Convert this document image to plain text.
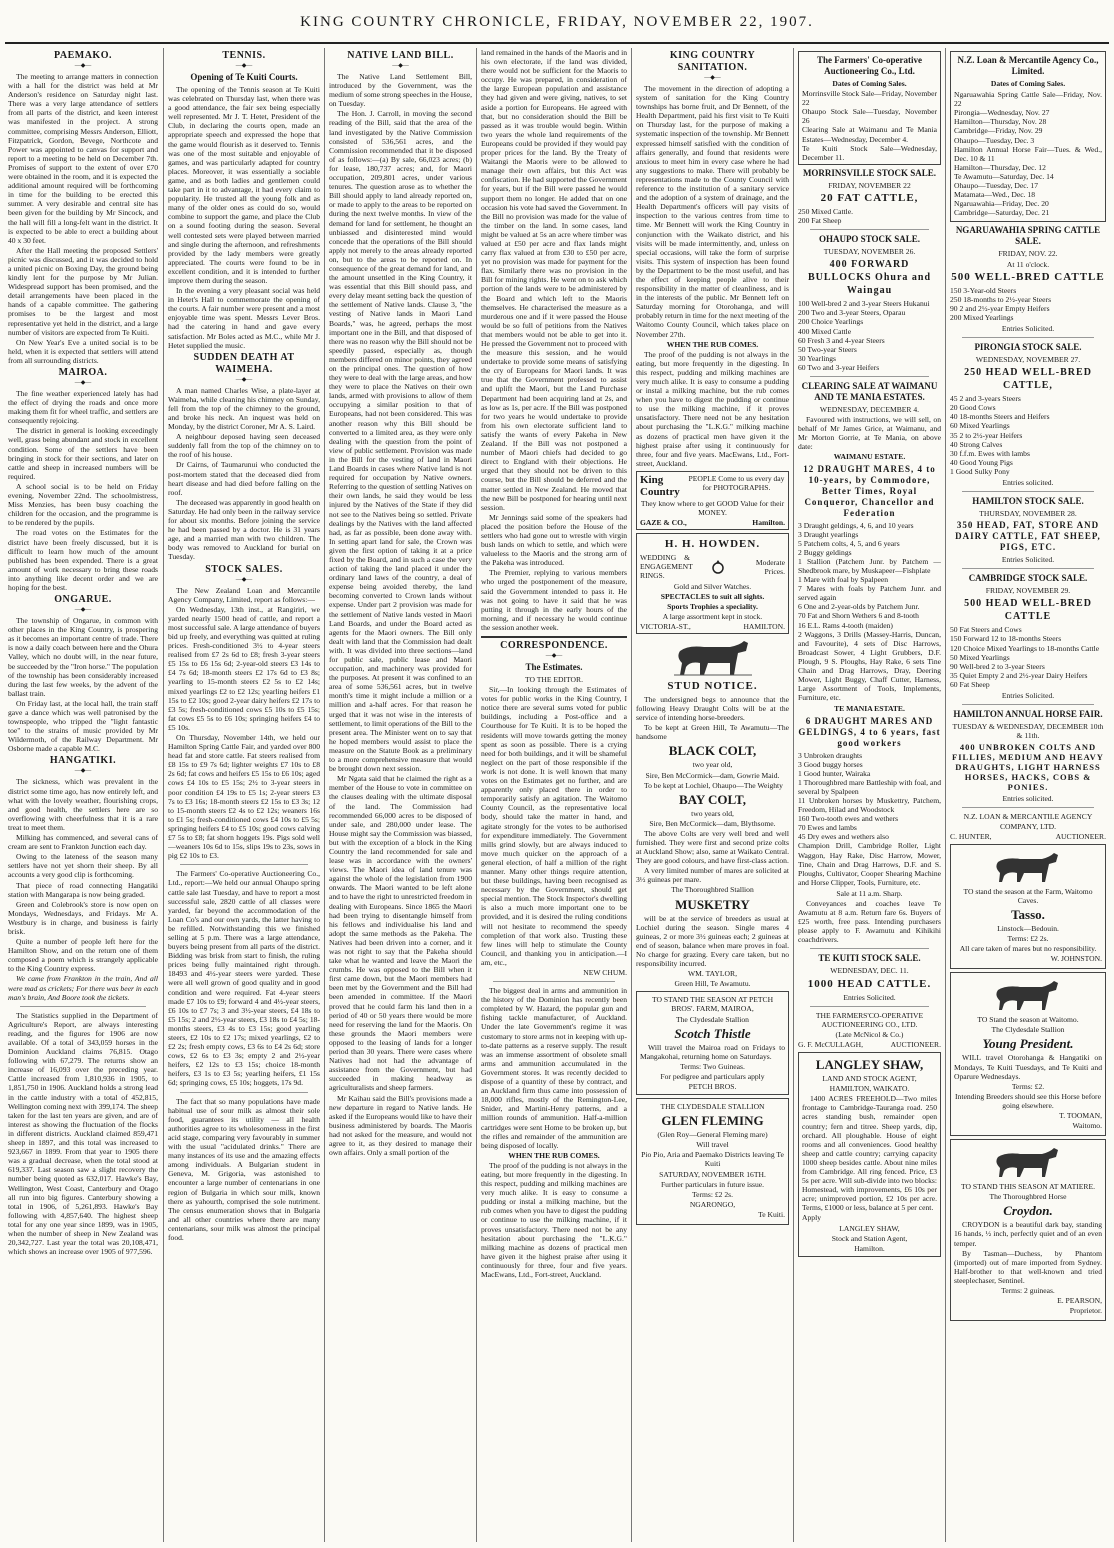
KING COUNTRY CHRONICLE, FRIDAY, NOVEMBER 22, 1907.
PAEMAKO.
—◆—

The meeting to arrange matters in connection with a hall for the district was held at Mr Anderson's residence on Saturday night last. There was a very large attendance of settlers from all parts of the district, and keen interest was manifested in the project. A strong committee, comprising Messrs Anderson, Elliott, Fitzpatrick, Gordon, Bevege, Northcote and Power was appointed to canvas for support and report to a meeting to be held on December 7th. Promises of support to the extent of over £70 were obtained in the room, and it is expected the additional amount required will be forthcoming in time for the building to be erected this summer. A very desirable and central site has been given for the building by Mr Sincock, and the hall will fill a long-felt want in the district. It is expected to be able to erect a building about 40 x 30 feet.

After the Hall meeting the proposed Settlers' picnic was discussed, and it was decided to hold a united picnic on Boxing Day, the ground being kindly lent for the purpose by Mr Julian. Widespread support has been promised, and the detail arrangements have been placed in the hands of a capable committee. The gathering promises to be the largest and most representative yet held in the district, and a large number of visitors are expected from Te Kuiti.

On New Year's Eve a united social is to be held, when it is expected that settlers will attend from all surrounding districts.

MAIROA.
—◆—

The fine weather experienced lately has had the effect of drying the roads and once more making them fit for wheel traffic, and settlers are consequently rejoicing.

The district in general is looking exceedingly well, grass being abundant and stock in excellent condition. Some of the settlers have been bringing in stock for their sections, and later on cattle and sheep in increased numbers will be required.

A school social is to be held on Friday evening, November 22nd. The schoolmistress, Miss Menzies, has been busy coaching the children for the occasion, and the programme is to be rendered by the pupils.

The road votes on the Estimates for the district have been freely discussed, but it is difficult to learn how much of the amount published has been expended. There is a great amount of work necessary to bring these roads into anything like decent order and we are hoping for the best.

ONGARUE.
—◆—

The township of Ongarue, in common with other places in the King Country, is prospering as it becomes an important centre of trade. There is now a daily coach between here and the Ohura Valley, which no doubt will, in the near future, be succeeded by the "Iron horse." The population of the township has been considerably increased during the last few weeks, by the advent of the ballast train.

On Friday last, at the local hall, the train staff gave a dance which was well patronised by the townspeople, who tripped the "light fantastic toe" to the strains of music provided by Mr Wildermoth, of the Railway Department. Mr Osborne made a capable M.C.

HANGATIKI.
—◆—

The sickness, which was prevalent in the district some time ago, has now entirely left, and what with the lovely weather, flourishing crops, and good health, the settlers here are so overflowing with cheerfulness that it is a rare treat to meet them.

Milking has commenced, and several cans of cream are sent to Frankton Junction each day.

Owing to the lateness of the season many settlers have not yet shorn their sheep. By all accounts a very good clip is forthcoming.

That piece of road connecting Hangatiki station with Mangarapa is now being graded.

Green and Colebrook's store is now open on Mondays, Wednesdays, and Fridays. Mr A. Westbury is in charge, and business is fairly brisk.

Quite a number of people left here for the Hamilton Show, and on the return one of them composed a poem which is strangely applicable to the King Country express.

We came from Frankton in the train, And all were mad as crickets; For there was beer in each man's brain, And Boore took the tickets.

The Statistics supplied in the Department of Agriculture's Report, are always interesting reading, and the figures for 1906 are now available. Of a total of 343,059 horses in the Dominion Auckland claims 76,815. Otago following with 67,279. The returns show an increase of 16,093 over the preceding year. Cattle increased from 1,810,936 in 1905, to 1,851,750 in 1906. Auckland holds a strong lead in the cattle industry with a total of 452,815, Wellington coming next with 399,174. The sheep taken for the last ten years are given, and are of interest as showing the fluctuation of the flocks in different districts. Auckland claimed 859,471 sheep in 1897, and this total was increased to 923,667 in 1899. From that year to 1905 there was a gradual decrease, when the total stood at 619,337. Last season saw a slight recovery the number being quoted as 632,017. Hawke's Bay, Wellington, West Coast, Canterbury and Otago all run into big figures. Canterbury showing a total in 1906, of 5,261,893. Hawke's Bay following with 4,857,640. The highest sheep total for any one year since 1899, was in 1905, when the number of sheep in New Zealand was 20,342,727. Last year the total was 20,108,471, which shows an increase over 1905 of 977,596.

TENNIS.
—◆—
Opening of Te Kuiti Courts.

The opening of the Tennis season at Te Kuiti was celebrated on Thursday last, when there was a good attendance, the fair sex being especially well represented. Mr J. T. Hetet, President of the Club, in declaring the courts open, made an appropriate speech and expressed the hope that the game would flourish as it deserved to. Tennis was one of the most suitable and enjoyable of games, and was particularly adapted for country places. Moreover, it was essentially a sociable game, and as both ladies and gentlemen could take part in it to advantage, it had every claim to popularity. He trusted all the young folk and as many of the older ones as could do so, would combine to support the game, and place the Club on a sound footing during the season. Several well contested sets were played between married and single during the afternoon, and refreshments provided by the lady members were greatly appreciated. The courts were found to be in excellent condition, and it is intended to further improve them during the season.

In the evening a very pleasant social was held in Hetet's Hall to commemorate the opening of the courts. A fair number were present and a most enjoyable time was spent. Messrs Lever Bros. had the catering in hand and gave every satisfaction. Mr Boles acted as M.C., while Mr J. Hetet supplied the music.

SUDDEN DEATH AT WAIMEHA.
—◆—

A man named Charles Wise, a plate-layer at Waimeha, while cleaning his chimney on Sunday, fell from the top of the chimney to the ground, and broke his neck. An inquest was held on Monday, by the district Coroner, Mr A. S. Laird.

A neighbour deposed having seen deceased suddenly fall from the top of the chimney on to the roof of his house.

Dr Cairns, of Taumarunui who conducted the post-mortem stated that the deceased died from heart disease and had died before falling on the roof.

The deceased was apparently in good health on Saturday. He had only been in the railway service for about six months. Before joining the service he had been passed by a doctor. He is 31 years age, and a married man with two children. The body was removed to Auckland for burial on Tuesday.

STOCK SALES.
—◆—

The New Zealand Loan and Mercantile Agency Company, Limited, report as follows:—

On Wednesday, 13th inst., at Rangiriri, we yarded nearly 1500 head of cattle, and report a most successful sale. A large attendance of buyers bid up freely, and everything was quitted at ruling prices. Fresh-conditioned 3½ to 4-year steers realised from £7 2s 6d to £8; fresh 3-year steers £5 15s to £6 15s 6d; 2-year-old steers £3 14s to £4 7s 6d; 18-month steers £2 17s 6d to £3 8s; yearling to 15-month steers £2 5s to £2 14s; mixed yearlings £2 to £2 12s; yearling heifers £1 15s to £2 10s; good 2-year dairy heifers £2 17s to £3 5s; fresh-conditioned cows £5 10s to £5 15s; fat cows £5 5s to £6 10s; springing heifers £4 to £5 10s.

On Thursday, November 14th, we held our Hamilton Spring Cattle Fair, and yarded over 800 head fat and store cattle. Fat steers realised from £8 15s to £9 7s 6d; lighter weights £7 10s to £8 2s 6d; fat cows and heifers £5 15s to £6 10s; aged cows £4 10s to £5 15s; 2½ to 3-year steers in poor condition £4 19s to £5 1s; 2-year steers £3 7s to £3 16s; 18-month steers £2 15s to £3 3s; 12 to 15-month steers £2 4s to £2 12s; weaners 16s to £1 5s; fresh-conditioned cows £4 10s to £5 5s; springing heifers £4 to £5 10s; good cows calving £7 5s to £8; fat shorn hoggets 19s. Pigs sold well—weaners 10s 6d to 15s, slips 19s to 23s, sows in pig £2 10s to £3.

The Farmers' Co-operative Auctioneering Co., Ltd., report:—We held our annual Ohaupo spring cattle sale last Tuesday, and have to report a most successful sale, 2820 cattle of all classes were yarded, far beyond the accommodation of the Loan Co's and our own yards, the latter having to be refilled. Notwithstanding this we finished selling at 5 p.m. There was a large attendance, buyers being present from all parts of the district. Bidding was brisk from start to finish, the ruling prices being fully maintained right through. 18493 and 4½-year steers were yarded. These were all well grown of good quality and in good condition and were required. Fat 4-year steers made £7 10s to £9; forward 4 and 4½-year steers, £6 10s to £7 7s; 3 and 3½-year steers, £4 18s to £5 15s; 2 and 2½-year steers, £3 18s to £4 5s; 18-months steers, £3 4s to £3 15s; good yearling steers, £2 10s to £2 17s; mixed yearlings, £2 to £2 2s; fresh empty cows, £3 6s to £4 2s 6d; store cows, £2 6s to £3 3s; empty 2 and 2½-year heifers, £2 12s to £3 15s; choice 18-month heifers, £3 1s to £3 5s; yearling heifers, £1 15s 6d; springing cows, £5 10s; hoggets, 17s 9d.

The fact that so many populations have made habitual use of sour milk as almost their sole food, guarantees its utility — all health authorities agree to its wholesomeness in the first acid stage, comparing very favourably in summer with the usual "acidulated drinks." There are many instances of its use and the amazing effects among individuals. A Bulgarian student in Geneva, M. Grigoria, was astonished to encounter a large number of centenarians in one region of Bulgaria in which sour milk, known there as yahourth, comprised the sole nutriment. The census enumeration shows that in Bulgaria and all other countries where there are many centenarians, sour milk was almost the principal food.

NATIVE LAND BILL.
—◆—

The Native Land Settlement Bill, introduced by the Government, was the medium of some strong speeches in the House, on Tuesday.

The Hon. J. Carroll, in moving the second reading of the Bill, said that the area of the land investigated by the Native Commission consisted of 536,561 acres, and the Commission recommended that it be disposed of as follows:—(a) By sale, 66,023 acres; (b) for lease, 180,737 acres; and, for Maori occupation, 209,801 acres, under various tenures. The question arose as to whether the Bill should apply to land already reported on, or made to apply to the areas to be reported on during the next twelve months. In view of the demand for land for settlement, he thought an unbiassed and disinterested mind would concede that the operations of the Bill should apply not merely to the areas already reported on, but to the areas to be reported on. In consequence of the great demand for land, and the amount unsettled in the King Country, it was essential that this Bill should pass, and every delay meant setting back the question of the settlement of Native lands. Clause 3, "the vesting of Native lands in Maori Land Boards," was, he agreed, perhaps the most important one in the Bill, and that disposed of there was no reason why the Bill should not be speedily passed, especially as, though members differed on minor points, they agreed on the principal ones. The question of how they were to deal with the large areas, and how they were to place the Natives on their own lands, armed with provisions to allow of them occupying a similar position to that of Europeans, had not been considered. This was another reason why this Bill should be converted to a limited area, as they were only dealing with the question from the point of view of public settlement. Provision was made in the Bill for the vesting of land in Maori Land Boards in cases where Native land is not required for occupation by Native owners. Referring to the question of settling Natives on their own lands, he said they would be less injured by the Natives of the State if they did not see to the Natives being so settled. Private dealings by the Natives with the land affected had, as far as possible, been done away with. In setting apart land for sale, the Crown was given the first option of taking it at a price fixed by the Board, and in such a case the very action of taking the land placed it under the ordinary land laws of the country, a deal of expense being avoided thereby, the land becoming converted to Crown lands without expense. Under part 2 provision was made for the settlement of Native lands vested in Maori Land Boards, and under the Board acted as agents for the Maori owners. The Bill only dealt with land that the Commission had dealt with. It was divided into three sections—land for public sale, public lease and Maori occupation, and machinery was provided for the purposes. At present it was confined to an area of some 536,561 acres, but in twelve month's time it might include a million or a million and a-half acres. For that reason he urged that it was not wise in the interests of settlement, to limit operations of the Bill to the present area. The Minister went on to say that he hoped members would assist to place the measure on the Statute Book as a preliminary to a more comprehensive measure that would be brought down next session.

Mr Ngata said that he claimed the right as a member of the House to vote in committee on the clauses dealing with the ultimate disposal of the land. The Commission had recommended 66,000 acres to be disposed of under sale, and 280,000 under lease. The House might say the Commission was biassed, but with the exception of a block in the King Country the land recommended for sale and lease was in accordance with the owners' views. The Maori idea of land tenure was against the whole of the legislation from 1900 onwards. The Maori wanted to be left alone and to have the right to unrestricted freedom in dealing with Europeans. Since 1865 the Maori had been trying to disentangle himself from his fellows and individualise his land and adopt the same methods as the Pakeha. The Natives had been driven into a corner, and it was not right to say that the Pakeha should take what he wanted and leave the Maori the crumbs. He was opposed to the Bill when it first came down, but the Maori members had been met by the Government and the Bill had been amended in committee. If the Maori proved that he could farm his land then in a period of 40 or 50 years there would be more need for reserving the land for the Maoris. On these grounds the Maori members were opposed to the leasing of lands for a longer period than 30 years. There were cases where Natives had not had the advantage of assistance from the Government, but had succeeded in making headway as agriculturalists and sheep farmers.

Mr Kaihau said the Bill's provisions made a new departure in regard to Native lands. He asked if the Europeans would like to have their business administered by boards. The Maoris had not asked for the measure, and would not agree to it, as they desired to manage their own affairs. Only a small portion of the

land remained in the hands of the Maoris and in his own electorate, if the land was divided, there would not be sufficient for the Maoris to occupy. He was prepared, in consideration of the large European population and assistance they had given and were giving, natives, to set aside a portion for Europeans. He agreed with that, but no consideration should the Bill be passed as it was trouble would begin. Within two years the whole land requirements of the Europeans could be provided if they would pay proper prices for the land. By the Treaty of Waitangi the Maoris were to be allowed to manage their own affairs, but this Act was confiscation. He had supported the Government for years, but if the Bill were passed he would support them no longer. He added that on one occasion his vote had saved the Government. In the Bill no provision was made for the value of the timber on the land. In some cases, land might be valued at 5s an acre where timber was valued at £50 per acre and flax lands might carry flax valued at from £30 to £50 per acre, yet no provision was made for payment for the flax. Similarly there was no provision in the Bill for mining rights. He went on to ask which portion of the lands were to be administered by the Board and which left to the Maoris themselves. He characterised the measure as a murderous one and if it were passed the House would be so full of petitions from the Natives that members would not be able to get into it. He pressed the Government not to proceed with the measure this session, and he would undertake to provide some means of satisfying the cry of Europeans for Maori lands. It was true that the Government professed to assist and uplift the Maori, but the Land Purchase Department had been acquiring land at 2s, and as low as 1s, per acre. If the Bill was postponed for two years he would undertake to provide from his own electorate sufficient land to satisfy the wants of every Pakeha in New Zealand. If the Bill was not postponed a number of Maori chiefs had decided to go direct to England with their objections. He urged that they should not be driven to this course, but the Bill should be deferred and the matter settled in New Zealand. He moved that the new Bill be postponed for hearing until next session.

Mr Jennings said some of the speakers had placed the position before the House of the settlers who had gone out to wrestle with virgin bush lands on which to settle, and which were valueless to the Maoris and the strong arm of the Pakeha was introduced.

The Premier, replying to various members who urged the postponement of the measure, said the Government intended to pass it. He was not going to have it said that he was putting it through in the early hours of the morning, and if necessary he would continue the session another week.

CORRESPONDENCE.
—◆—
The Estimates.
TO THE EDITOR.

Sir,—In looking through the Estimates of votes for public works in the King Country, I notice there are several sums voted for public buildings, including a Post-office and a Courthouse for Te Kuiti. It is to be hoped the residents will move towards getting the money spent as soon as possible. There is a crying need for both buildings, and it will be shameful neglect on the part of those responsible if the work is not done. It is well known that many votes on the Estimates get no further, and are apparently only placed there in order to temporarily satisfy an agitation. The Waitomo County Council, as the representative local body, should take the matter in hand, and agitate strongly for the votes to be authorised for expenditure immediately. The Government mills grind slowly, but are always induced to move much quicker on the approach of a general election, of half a million of the right manner. Many other things require attention, but these buildings, having been recognised as necessary by the Government, should get special mention. The Stock Inspector's dwelling is also a much more important one to be provided, and it is desired the ruling conditions will not hesitate to recommend the speedy completion of that work also. Trusting these few lines will help to stimulate the County Council, and thanking you in anticipation.—I am, etc.,

NEW CHUM.

The biggest deal in arms and ammunition in the history of the Dominion has recently been completed by W. Hazard, the popular gun and fishing tackle manufacturer, of Auckland. Under the late Government's regime it was customary to store arms not in keeping with up-to-date patterns as a reserve supply. The result was an immense assortment of obsolete small arms and ammunition accumulated in the Government stores. It was recently decided to dispose of a quantity of these by contract, and an Auckland firm thus came into possession of 18,000 rifles, mostly of the Remington-Lee, Snider, and Martini-Henry patterns, and a million rounds of ammunition. Half-a-million cartridges were sent Home to be broken up, but the rifles and remainder of the ammunition are being disposed of locally.

WHEN THE RUB COMES.

The proof of the pudding is not always in the eating, but more frequently in the digesting. In this respect, pudding and milking machines are very much alike. It is easy to consume a pudding or instal a milking machine, but the rub comes when you have to digest the pudding or continue to use the milking machine, if it proves unsatisfactory. There need not be any hesitation about purchasing the "L.K.G." milking machine as dozens of practical men have given it the highest praise after using it continuously for three, four and five years. MacEwans, Ltd., Fort-street, Auckland.

KING COUNTRY SANITATION.
—◆—

The movement in the direction of adopting a system of sanitation for the King Country townships has borne fruit, and Dr Bennett, of the Health Department, paid his first visit to Te Kuiti on Thursday last, for the purpose of making a systematic inspection of the township. Mr Bennett expressed himself satisfied with the condition of affairs generally, and found that residents were anxious to meet him in every case where he had any suggestions to make. There will probably be representations made to the County Council with reference to the institution of a sanitary service and the adoption of a system of drainage, and the Health Department's officers will pay visits of inspection to the various centres from time to time. Mr Bennett will work the King Country in conjunction with the Waikato district, and his visits will be made intermittently, and, unless on special occasions, will take the form of surprise visits. This system of inspection has been found by the Department to be the most useful, and has the effect of keeping people alive to their responsibility in the matter of cleanliness, and is in the interests of the public. Mr Bennett left on Saturday morning for Otorohanga, and will probably return in time for the next meeting of the Waitomo County Council, which takes place on November 27th.

WHEN THE RUB COMES.

The proof of the pudding is not always in the eating, but more frequently in the digesting. In this respect, pudding and milking machines are very much alike. It is easy to consume a pudding or instal a milking machine, but the rub comes when you have to digest the pudding or continue to use the milking machine, if it proves unsatisfactory. There need not be any hesitation about purchasing the "L.K.G." milking machine as dozens of practical men have given it the highest praise after using it continuously for three, four and five years. MacEwans, Ltd., Fort-street, Auckland.

King Country
PEOPLE Come to us every day for PHOTOGRAPHS.
They know where to get GOOD Value for their MONEY.
GAZE & CO.,	Hamilton.
H. H. HOWDEN.
WEDDING & ENGAGEMENT RINGS.
Moderate Prices.
Gold and Silver Watches.
SPECTACLES to suit all sights.
Sports Trophies a speciality.
A large assortment kept in stock.
VICTORIA-ST.,	HAMILTON.
STUD NOTICE.

The undersigned begs to announce that the following Heavy Draught Colts will be at the service of intending horse-breeders.

To be kept at Green Hill, Te Awamutu—The handsome

BLACK COLT,
two year old,
Sire, Ben McCormick—dam, Gowrie Maid.

To be kept at Lochiel, Ohaupo—The Weighty

BAY COLT,
two years old,
Sire, Ben McCormick—dam, Blythsome.

The above Colts are very well bred and well furnished. They were first and second prize colts at Auckland Show; also, same at Waikato Central. They are good colours, and have first-class action.

A very limited number of mares are solicited at 3½ guineas per mare.

The Thoroughbred Stallion
MUSKETRY

will be at the service of breeders as usual at Lochiel during the season. Single mares 4 guineas, 2 or more 3½ guineas each; 2 guineas at end of season, balance when mare proves in foal. No charge for grazing. Every care taken, but no responsibility incurred.

WM. TAYLOR,
Green Hill, Te Awamutu.
TO STAND THE SEASON AT PETCH BROS'. FARM, MAIROA,
The Clydesdale Stallion
Scotch Thistle

Will travel the Mairoa road on Fridays to Mangakohai, returning home on Saturdays.

Terms: Two Guineas.
For pedigree and particulars apply
PETCH BROS.
THE CLYDESDALE STALLION
GLEN FLEMING
(Glen Roy—General Fleming mare)
Will travel
Pio Pio, Aria and Paemako Districts leaving Te Kuiti
SATURDAY, NOVEMBER 16TH.
Further particulars in future issue.
Terms: £2 2s.
NGARONGO,
Te Kuiti.
The Farmers' Co-operative Auctioneering Co., Ltd.
Dates of Coming Sales.
Morrinsville Stock Sale—Friday, November 22
Ohaupo Stock Sale—Tuesday, November 26
Clearing Sale at Waimanu and Te Mania Estates—Wednesday, December 4.
Te Kuiti Stock Sale—Wednesday, December 11.
MORRINSVILLE STOCK SALE.
FRIDAY, NOVEMBER 22
20 FAT CATTLE,
250 Mixed Cattle.
200 Fat Sheep
OHAUPO STOCK SALE.
TUESDAY, NOVEMBER 26.
400 FORWARD BULLOCKS Ohura and Waingau
100 Well-bred 2 and 3-year Steers Hukanui
200 Two and 3-year Steers, Oparau
200 Choice Yearlings
400 Mixed Cattle
60 Fresh 3 and 4-year Steers
50 Two-year Steers
30 Yearlings
60 Two and 3-year Heifers
CLEARING SALE AT WAIMANU AND TE MANIA ESTATES.
WEDNESDAY, DECEMBER 4.

Favoured with instructions, we will sell, on behalf of Mr James Grice, at Waimanu, and Mr Morton Gorrie, at Te Mania, on above date:

WAIMANU ESTATE.
12 DRAUGHT MARES, 4 to 10-years, by Commodore, Better Times, Royal Conqueror, Chancellor and Federation
3 Draught geldings, 4, 6, and 10 years
3 Draught yearlings
5 Patchem colts, 4, 5, and 6 years
2 Buggy geldings
1 Stallion (Patchem Junr. by Patchem — Shedbrook mare, by Muskapeer—Fishplate
1 Mare with foal by Spalpeen
7 Mares with foals by Patchem Junr. and served again
6 One and 2-year-olds by Patchem Junr.
70 Fat and Shorn Wethers 6 and 8-tooth
16 E.L. Rams 4-tooth (maiden)
2 Waggons, 3 Drills (Massey-Harris, Duncan, and Favourite), 4 sets of Disc Harrows, Broadcast Sower, 4 Light Grubbers, D.F. Plough, 9 S. Ploughs, Hay Rake, 6 sets Tine Chain and Drag Harrows, Dray, Deering Mower, Light Buggy, Chaff Cutter, Harness, Large Assortment of Tools, Implements, Furniture, etc.
TE MANIA ESTATE.
6 DRAUGHT MARES AND GELDINGS, 4 to 6 years, fast good workers
3 Unbroken draughts
3 Good buggy horses
1 Good hunter, Wairaka
1 Thoroughbred mare Battleship with foal, and several by Spalpeen
11 Unbroken horses by Muskettry, Patchem, Freedom, Hilad and Woodstock
160 Two-tooth ewes and wethers
70 Ewes and lambs
45 Dry ewes and wethers also
Champion Drill, Cambridge Roller, Light Waggon, Hay Rake, Disc Harrow, Mower, Tine, Chain and Drag Harrows, D.F. and S. Ploughs, Cultivator, Cooper Shearing Machine and Horse Clipper, Tools, Furniture, etc.
Sale at 11 a.m. Sharp.

Conveyances and coaches leave Te Awamutu at 8 a.m. Return fare 6s. Buyers of £25 worth, free pass. Intending purchasers please apply to F. Awamutu and Kihikihi coachdrivers.

TE KUITI STOCK SALE.
WEDNESDAY, DEC. 11.
1000 HEAD CATTLE.
Entries Solicited.
THE FARMERS'CO-OPERATIVE AUCTIONEERING CO., LTD.
(Late McNicol & Co.)
G. F. McCULLAGH,	AUCTIONEER.
LANGLEY SHAW,
LAND AND STOCK AGENT,
HAMILTON, WAIKATO.

1400 ACRES FREEHOLD—Two miles frontage to Cambridge-Tauranga road. 250 acres standing bush, remainder open country; fern and titree. Sheep yards, dip, orchard. All ploughable. House of eight rooms and all conveniences. Good healthy sheep and cattle country; carrying capacity 1000 sheep besides cattle. About nine miles from Cambridge. All ring fenced. Price, £3 5s per acre. Will sub-divide into two blocks: Homestead, with improvements, £6 10s per acre; unimproved portion, £2 10s per acre. Terms, £1000 or less, balance at 5 per cent.

Apply
LANGLEY SHAW,
Stock and Station Agent,
Hamilton.
N.Z. Loan & Mercantile Agency Co., Limited.
Dates of Coming Sales.
Ngaruawahia Spring Cattle Sale—Friday, Nov. 22
Pirongia—Wednesday, Nov. 27
Hamilton—Thursday, Nov. 28
Cambridge—Friday, Nov. 29
Ohaupo—Tuesday, Dec. 3
Hamilton Annual Horse Fair—Tues. & Wed., Dec. 10 & 11
Hamilton—Thursday, Dec. 12
Te Awamutu—Saturday, Dec. 14
Ohaupo—Tuesday, Dec. 17
Matamata—Wed., Dec. 18
Ngaruawahia—Friday, Dec. 20
Cambridge—Saturday, Dec. 21
NGARUAWAHIA SPRING CATTLE SALE.
FRIDAY, NOV. 22.
At 11 o'clock.
500 WELL-BRED CATTLE
150 3-Year-old Steers
250 18-months to 2½-year Steers
90 2 and 2½-year Empty Heifers
200 Mixed Yearlings
Entries Solicited.
PIRONGIA STOCK SALE.
WEDNESDAY, NOVEMBER 27.
250 HEAD WELL-BRED CATTLE,
45 2 and 3-years Steers
20 Good Cows
40 18-months Steers and Heifers
60 Mixed Yearlings
35 2 to 2½-year Heifers
40 Strong Calves
30 f.f.m. Ewes with lambs
40 Good Young Pigs
1 Good Sulky Pony
Entries solicited.
HAMILTON STOCK SALE.
THURSDAY, NOVEMBER 28.
350 HEAD, FAT, STORE AND DAIRY CATTLE, FAT SHEEP, PIGS, ETC.
Entries Solicited.
CAMBRIDGE STOCK SALE.
FRIDAY, NOVEMBER 29.
500 HEAD WELL-BRED CATTLE
50 Fat Steers and Cows
150 Forward 12 to 18-months Steers
120 Choice Mixed Yearlings to 18-months Cattle
50 Mixed Yearlings
90 Well-bred 2 to 3-year Steers
35 Quiet Empty 2 and 2½-year Dairy Heifers
60 Fat Sheep
Entries Solicited.
HAMILTON ANNUAL HORSE FAIR.
TUESDAY & WEDNESDAY, DECEMBER 10th & 11th.
400 UNBROKEN COLTS AND FILLIES, MEDIUM AND HEAVY DRAUGHTS, LIGHT HARNESS HORSES, HACKS, COBS & PONIES.
Entries solicited.
N.Z. LOAN & MERCANTILE AGENCY COMPANY, LTD.
C. HUNTER,	AUCTIONEER.
TO stand the season at the Farm, Waitomo Caves.
Tasso.
Linstock—Bedouin.
Terms: £2 2s.
All care taken of mares but no responsibility.
W. JOHNSTON.
TO Stand the season at Waitomo.
The Clydesdale Stallion
Young President.

WILL travel Otorohanga & Hangatiki on Mondays, Te Kuiti Tuesdays, and Te Kuiti and Oparure Wednesdays.

Terms: £2.
Intending Breeders should see this Horse before going elsewhere.
T. TOOMAN,
Waitomo.
TO STAND THIS SEASON AT MATIERE.
The Thoroughbred Horse
Croydon.

CROYDON is a beautiful dark bay, standing 16 hands, ½ inch, perfectly quiet and of an even temper.

By Tasman—Duchess, by Phantom (imported) out of mare imported from Sydney. Half-brother to that well-known and tried steeplechaser, Sentinel.

Terms: 2 guineas.
E. PEARSON,
Proprietor.
